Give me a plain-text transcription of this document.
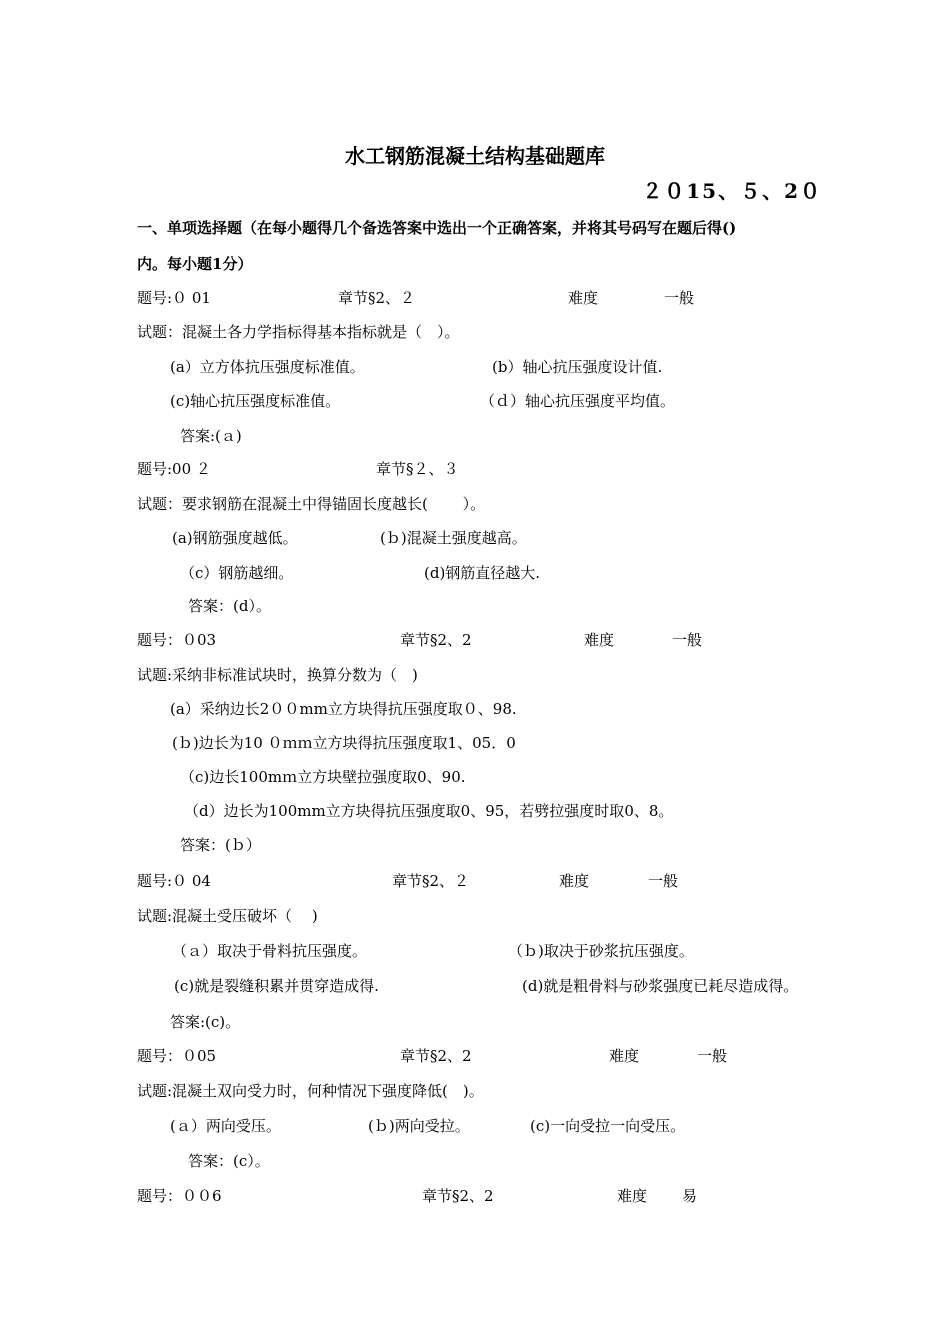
水工钢筋混凝土结构基础题库
２０15、５、2０
一、单项选择题（在每小题得几个备选答案中选出一个正确答案，并将其号码写在题后得()
内。每小题1分）
题号:０ 01	章节§2、２	难度	一般
试题：混凝土各力学指标得基本指标就是（　）。
(a）立方体抗压强度标准值。	(b）轴心抗压强度设计值.
(c)轴心抗压强度标准值。	（ｄ）轴心抗压强度平均值。
答案:(ａ)
题号:00 ２	章节§２、３
试题：要求钢筋在混凝土中得锚固长度越长(　　 ）。
(a)钢筋强度越低。	(ｂ)混凝土强度越高。
（c）钢筋越细。	(d)钢筋直径越大.
答案：(d）。
题号：０03	章节§2、2	难度	一般
试题:采纳非标准试块时，换算分数为（　)
(a）采纳边长2００mm立方块得抗压强度取０、98.
(ｂ)边长为10 ０ｍｍ立方块得抗压强度取1、05．0
（c)边长100mｍ立方块壁拉强度取0、90.
（d）边长为100mm立方块得抗压强度取0、95，若劈拉强度时取0、8。
答案：(ｂ）
题号:０ 04	章节§2、２	难度	一般
试题:混凝土受压破坏（　 )
（ａ）取决于骨料抗压强度。	（ｂ)取决于砂浆抗压强度。
(c)就是裂缝积累并贯穿造成得.	(d)就是粗骨料与砂浆强度已耗尽造成得。
答案:(c)。
题号：０05	章节§2、2	难度	一般
试题:混凝土双向受力时，何种情况下强度降低(　)。
(ａ）两向受压。	(ｂ)两向受拉。	(c)一向受拉一向受压。
答案：(c）。
题号：００6	章节§2、2	难度 易
